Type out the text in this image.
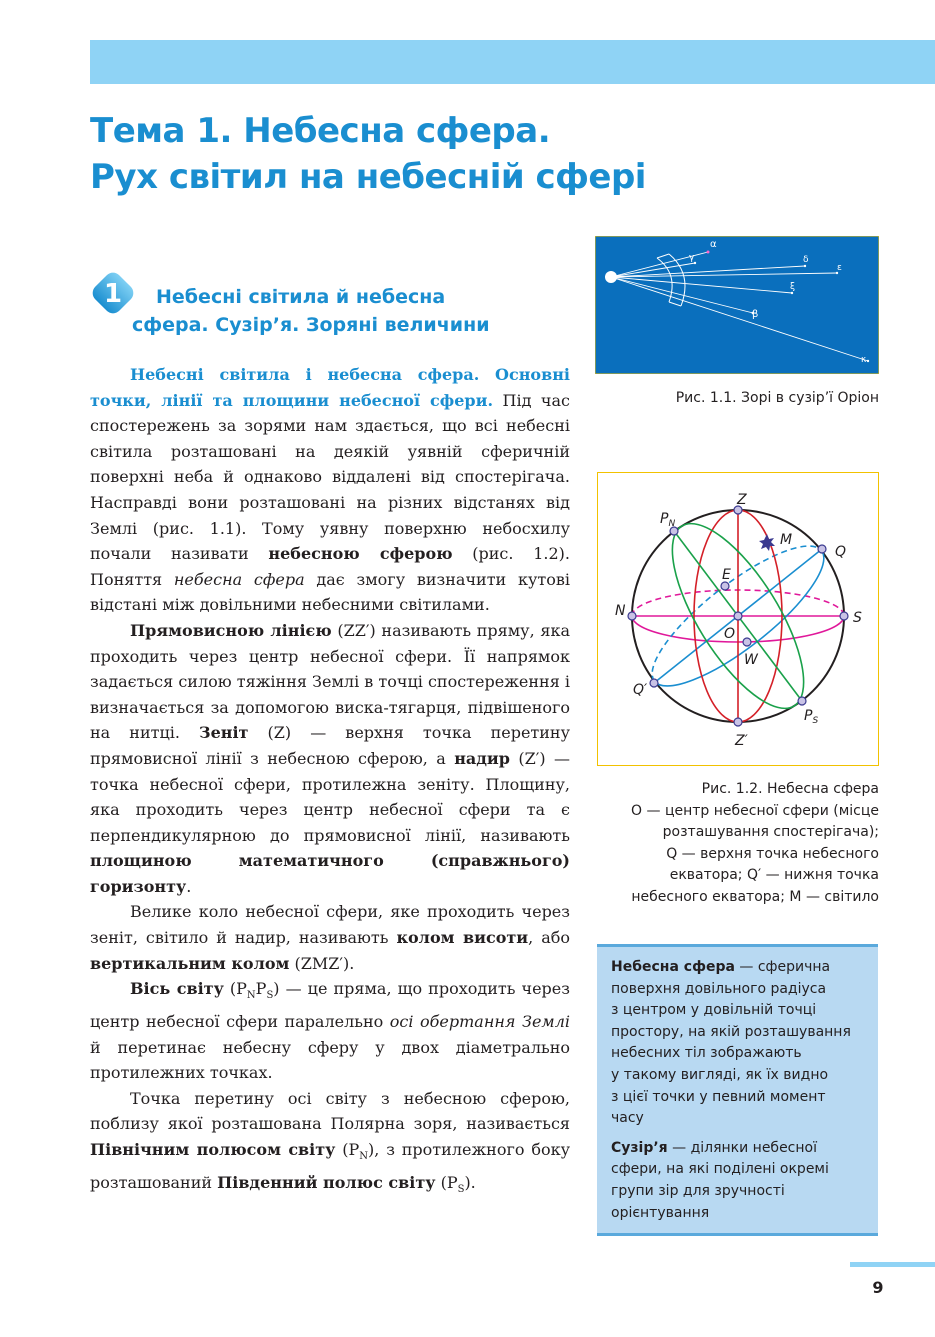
Тема 1. Небесна сфера.
Рух світил на небесній сфері
1	Небесні світила й небесна
сфера. Сузір’я. Зоряні величини

Небесні світила і небесна сфера. Основні точки, лінії та площини небесної сфери. Під час спостережень за зорями нам здається, що всі небесні світила розташовані на деякій уявній сферичній поверхні неба й однаково віддалені від спостерігача. Насправді вони розташовані на різних відстанях від Землі (рис. 1.1). Тому уявну поверхню небосхилу почали називати небесною сферою (рис. 1.2). Поняття небесна сфера дає змогу визначити кутові відстані між довільними небесними світилами.

Прямовисною лінією (ZZ′) називають пряму, яка проходить через центр небесної сфери. Її напрямок задається силою тяжіння Землі в точці спостереження і визначається за допомогою виска-тягарця, підвішеного на нитці. Зеніт (Z) — верхня точка перетину прямовисної лінії з небесною сферою, а надир (Z′) — точка небесної сфери, протилежна зеніту. Площину, яка проходить через центр небесної сфери та є перпендикулярною до прямовисної лінії, називають площиною математичного (справжнього) горизонту.

Велике коло небесної сфери, яке проходить через зеніт, світило й надир, називають колом висоти, або вертикальним колом (ZMZ′).

Вісь світу $(P_NP_S)$ — це пряма, що проходить через центр небесної сфери паралельно осі обертання Землі й перетинає небесну сферу у двох діаметрально протилежних точках.

Точка перетину осі світу з небесною сферою, поблизу якої розташована Полярна зоря, називається Північним полюсом світу $(P_N)$, з протилежного боку розташований Південний полюс світу $(P_S)$.

α
γ	δ
ε
ξ
β
κ
Рис. 1.1. Зорі в сузір’ї Оріон
Z
Z′
$P_N$
$P_S$
M
Q
Q′
E
N	S
O
W
Рис. 1.2. Небесна сфера
O — центр небесної сфери (місце
розташування спостерігача);
Q — верхня точка небесного
екватора; Q′ — нижня точка
небесного екватора; M — світило

Небесна сфера — сферична
поверхня довільного радіуса
з центром у довільній точці
простору, на якій розташування
небесних тіл зображають
у такому вигляді, як їх видно
з цієї точки у певний момент
часу

Сузір’я — ділянки небесної
сфери, на які поділені окремі
групи зір для зручності
орієнтування

9
